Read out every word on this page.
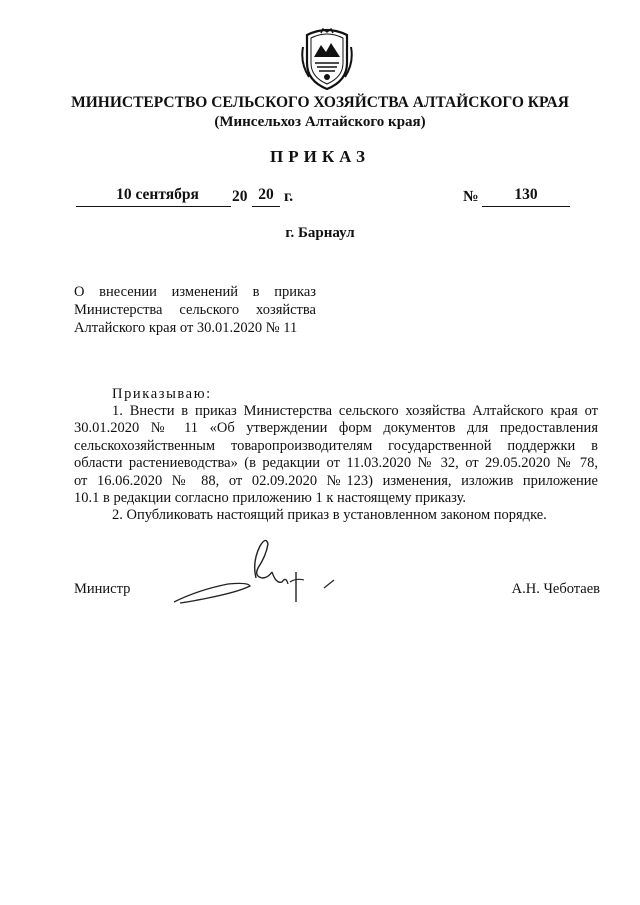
МИНИСТЕРСТВО СЕЛЬСКОГО ХОЗЯЙСТВА АЛТАЙСКОГО КРАЯ
(Минсельхоз Алтайского края)
ПРИКАЗ
10 сентября	20 20 г.	№	130
г. Барнаул
О внесении изменений в приказ
Министерства сельского хозяйства
Алтайского края от 30.01.2020 № 11
Приказываю:
1. Внести в приказ Министерства сельского хозяйства Алтайского края от
30.01.2020 № 11 «Об утверждении форм документов для предоставления
сельскохозяйственным товаропроизводителям государственной поддержки в
области растениеводства» (в редакции от 11.03.2020 № 32, от 29.05.2020 № 78,
от 16.06.2020 № 88, от 02.09.2020 №123) изменения, изложив приложение
10.1 в редакции согласно приложению 1 к настоящему приказу.
2. Опубликовать настоящий приказ в установленном законом порядке.
Министр	А.Н. Чеботаев
